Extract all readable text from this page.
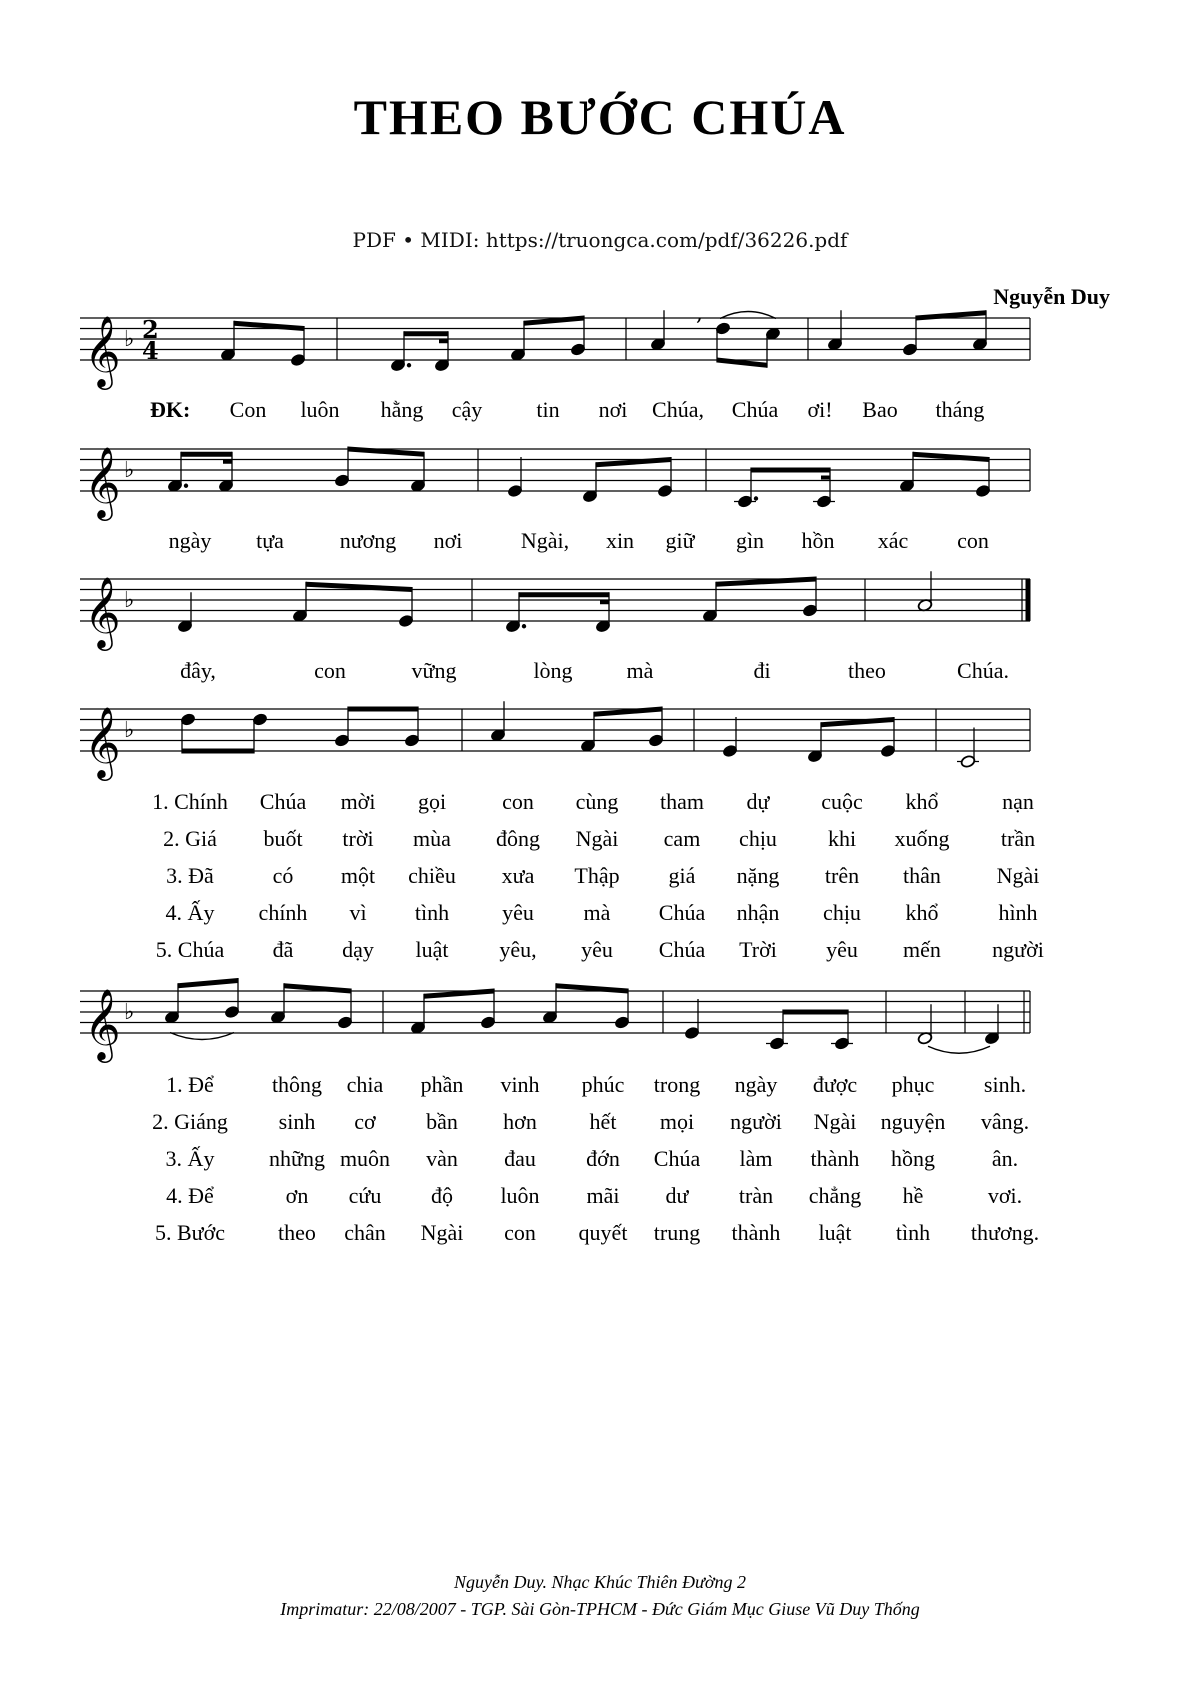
THEO BƯỚC CHÚA
PDF • MIDI: https://truongca.com/pdf/36226.pdf
Nguyễn Duy
𝄞 ♭ 2
4
,
ĐK: Con luôn hằng cậy tin nơi Chúa, Chúa ơi! Bao tháng
𝄞 ♭
ngày tựa	nương nơi	Ngài, xin giữ gìn hồn xác con
𝄞 ♭
đây,	con	vững	lòng mà	đi	theo	Chúa.
𝄞 ♭
1. Chính Chúa mời gọi	con cùng tham dự cuộc khổ	nạn
2. Giá buốt trời mùa đông Ngài cam chịu khi xuống trần
3. Đã	có một chiều xưa Thập giá nặng trên thân	Ngài
4. Ấy chính vì tình yêu mà Chúa nhận chịu khổ	hình
5. Chúa đã dạy luật yêu, yêu Chúa Trời yêu mến người
𝄞 ♭
1. Để	thông chia phần vinh phúc trong ngày được phục sinh.
2. Giáng sinh cơ bần hơn hết mọi người Ngài nguyện vâng.
3. Ấy những muôn vàn đau đớn Chúa làm thành hồng	ân.
4. Để	ơn cứu độ luôn mãi dư tràn chẳng hề	vơi.
5. Bước theo chân Ngài con quyết trung thành luật tình thương.
Nguyễn Duy. Nhạc Khúc Thiên Đường 2
Imprimatur: 22/08/2007 - TGP. Sài Gòn-TPHCM - Đức Giám Mục Giuse Vũ Duy Thống
